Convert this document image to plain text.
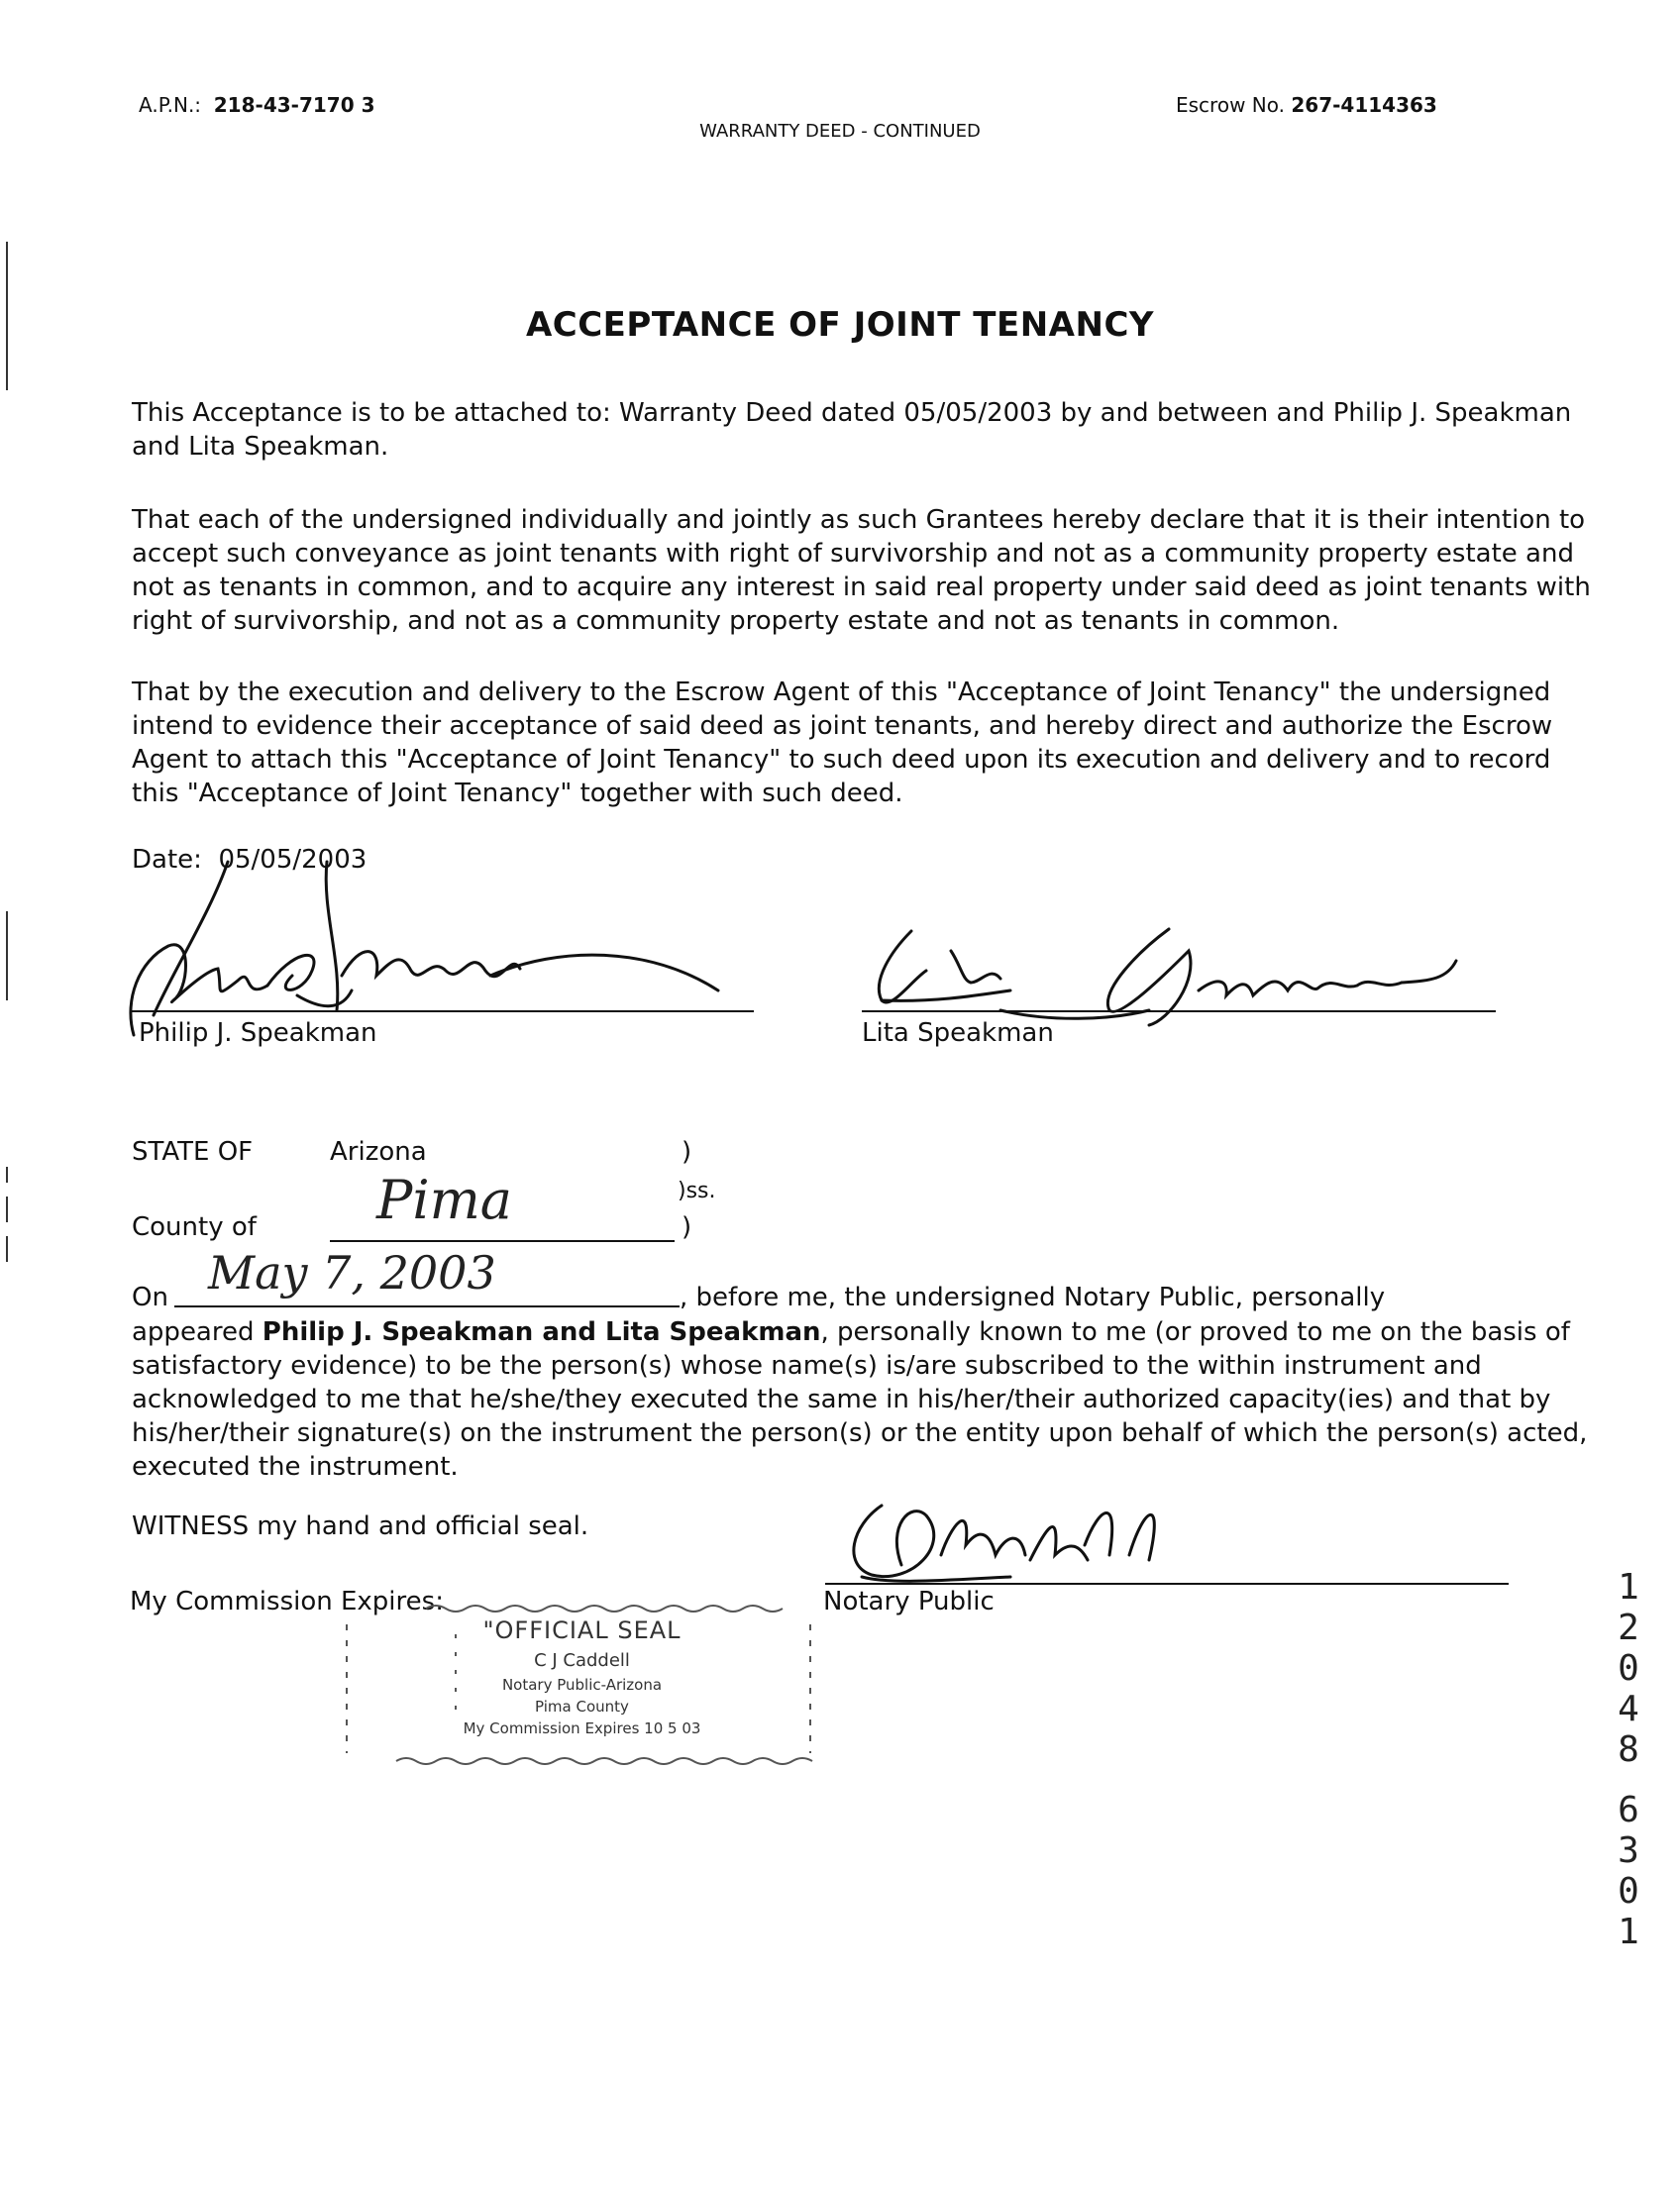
A.P.N.: 218-43-7170 3
WARRANTY DEED - CONTINUED
Escrow No. 267-4114363
ACCEPTANCE OF JOINT TENANCY
This Acceptance is to be attached to: Warranty Deed dated 05/05/2003 by and between and Philip J. Speakman
and Lita Speakman.
That each of the undersigned individually and jointly as such Grantees hereby declare that it is their intention to
accept such conveyance as joint tenants with right of survivorship and not as a community property estate and
not as tenants in common, and to acquire any interest in said real property under said deed as joint tenants with
right of survivorship, and not as a community property estate and not as tenants in common.
That by the execution and delivery to the Escrow Agent of this "Acceptance of Joint Tenancy" the undersigned
intend to evidence their acceptance of said deed as joint tenants, and hereby direct and authorize the Escrow
Agent to attach this "Acceptance of Joint Tenancy" to such deed upon its execution and delivery and to record
this "Acceptance of Joint Tenancy" together with such deed.
Date: 05/05/2003
Philip J. Speakman	Lita Speakman
STATE OF	Arizona	)
)ss.
County of Pima	)
On May 7, 2003	, before me, the undersigned Notary Public, personally
appeared Philip J. Speakman and Lita Speakman, personally known to me (or proved to me on the basis of
satisfactory evidence) to be the person(s) whose name(s) is/are subscribed to the within instrument and
acknowledged to me that he/she/they executed the same in his/her/their authorized capacity(ies) and that by
his/her/their signature(s) on the instrument the person(s) or the entity upon behalf of which the person(s) acted,
executed the instrument.
WITNESS my hand and official seal.
Notary Public
My Commission Expires:
"OFFICIAL SEAL
C J Caddell
Notary Public-Arizona
Pima County
My Commission Expires 10 5 03
1
2
0
4
8
6
3
0
1
